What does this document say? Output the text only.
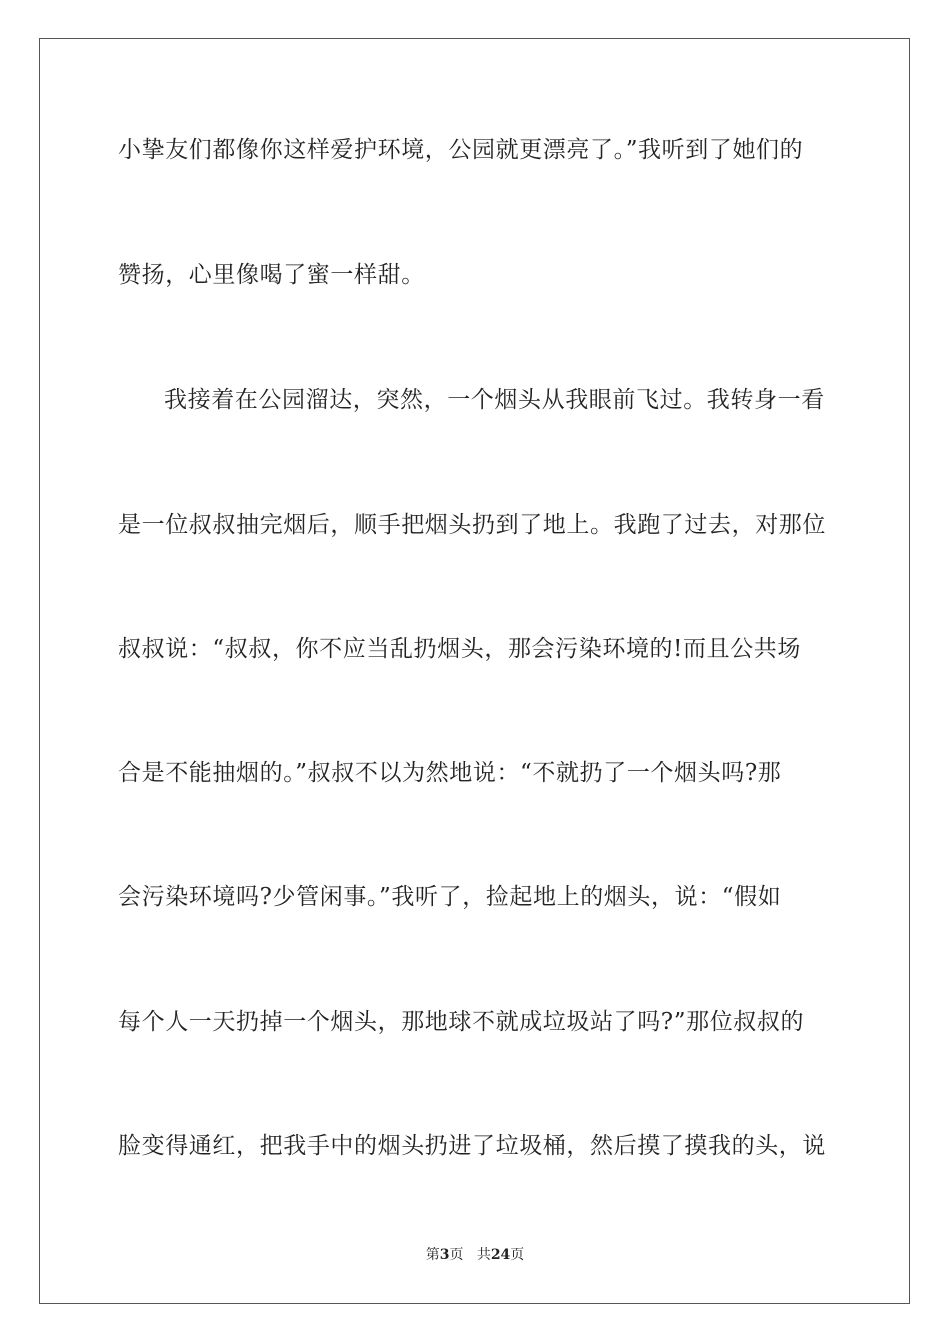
小挚友们都像你这样爱护环境，公园就更漂亮了。”我听到了她们的
赞扬，心里像喝了蜜一样甜。
我接着在公园溜达，突然，一个烟头从我眼前飞过。我转身一看
是一位叔叔抽完烟后，顺手把烟头扔到了地上。我跑了过去，对那位
叔叔说：“叔叔，你不应当乱扔烟头，那会污染环境的!而且公共场
合是不能抽烟的。”叔叔不以为然地说：“不就扔了一个烟头吗?那
会污染环境吗?少管闲事。”我听了，捡起地上的烟头，说：“假如
每个人一天扔掉一个烟头，那地球不就成垃圾站了吗?”那位叔叔的
脸变得通红，把我手中的烟头扔进了垃圾桶，然后摸了摸我的头，说
第3页 共24页
